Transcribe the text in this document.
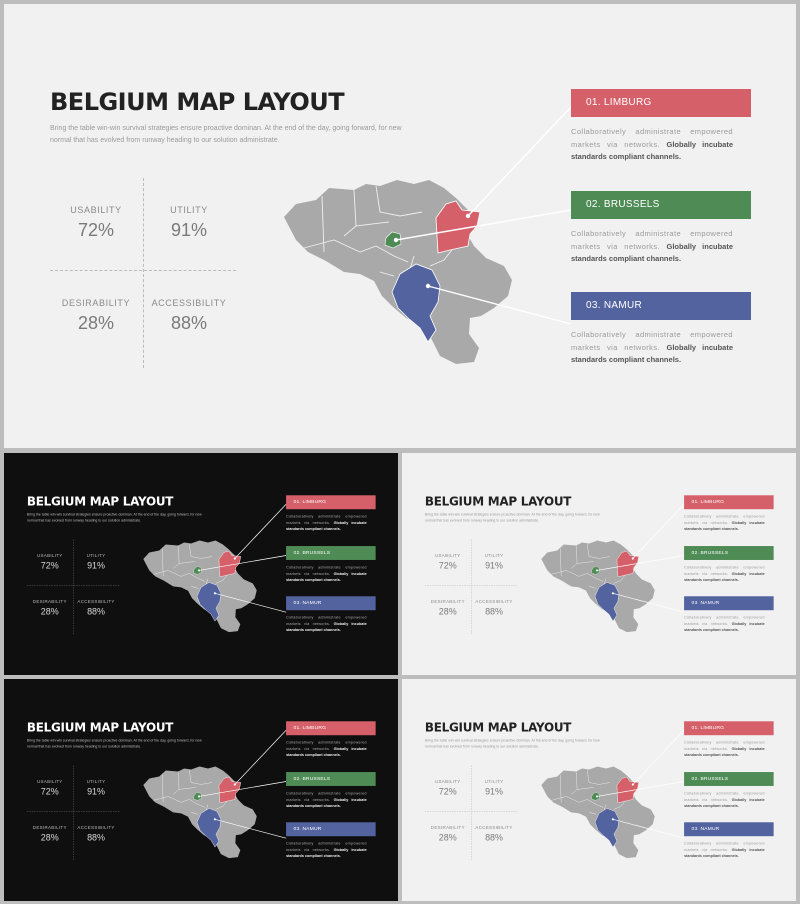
BELGIUM MAP LAYOUT
Bring the table win-win survival strategies ensure proactive dominan. At the end of the day, going forward, for new normal that has evolved from runway heading to our solution administrate.
USABILITY
72%
UTILITY
91%
DESIRABILITY
28%
ACCESSIBILITY
88%
01. LIMBURG
Collaboratively administrate empowered markets via networks. Globally incubate standards compliant channels.
02. BRUSSELS
Collaboratively administrate empowered markets via networks. Globally incubate standards compliant channels.
03. NAMUR
Collaboratively administrate empowered markets via networks. Globally incubate standards compliant channels.
BELGIUM MAP LAYOUT
Bring the table win-win survival strategies ensure proactive dominan. At the end of the day, going forward, for new normal that has evolved from runway heading to our solution administrate.
USABILITY
72%
UTILITY
91%
DESIRABILITY
28%
ACCESSIBILITY
88%
01. LIMBURG
Collaboratively administrate empowered markets via networks. Globally incubate standards compliant channels.
02. BRUSSELS
Collaboratively administrate empowered markets via networks. Globally incubate standards compliant channels.
03. NAMUR
Collaboratively administrate empowered markets via networks. Globally incubate standards compliant channels.
BELGIUM MAP LAYOUT
Bring the table win-win survival strategies ensure proactive dominan. At the end of the day, going forward, for new normal that has evolved from runway heading to our solution administrate.
USABILITY
72%
UTILITY
91%
DESIRABILITY
28%
ACCESSIBILITY
88%
01. LIMBURG
Collaboratively administrate empowered markets via networks. Globally incubate standards compliant channels.
02. BRUSSELS
Collaboratively administrate empowered markets via networks. Globally incubate standards compliant channels.
03. NAMUR
Collaboratively administrate empowered markets via networks. Globally incubate standards compliant channels.
BELGIUM MAP LAYOUT
Bring the table win-win survival strategies ensure proactive dominan. At the end of the day, going forward, for new normal that has evolved from runway heading to our solution administrate.
USABILITY
72%
UTILITY
91%
DESIRABILITY
28%
ACCESSIBILITY
88%
01. LIMBURG
Collaboratively administrate empowered markets via networks. Globally incubate standards compliant channels.
02. BRUSSELS
Collaboratively administrate empowered markets via networks. Globally incubate standards compliant channels.
03. NAMUR
Collaboratively administrate empowered markets via networks. Globally incubate standards compliant channels.
BELGIUM MAP LAYOUT
Bring the table win-win survival strategies ensure proactive dominan. At the end of the day, going forward, for new normal that has evolved from runway heading to our solution administrate.
USABILITY
72%
UTILITY
91%
DESIRABILITY
28%
ACCESSIBILITY
88%
01. LIMBURG
Collaboratively administrate empowered markets via networks. Globally incubate standards compliant channels.
02. BRUSSELS
Collaboratively administrate empowered markets via networks. Globally incubate standards compliant channels.
03. NAMUR
Collaboratively administrate empowered markets via networks. Globally incubate standards compliant channels.
